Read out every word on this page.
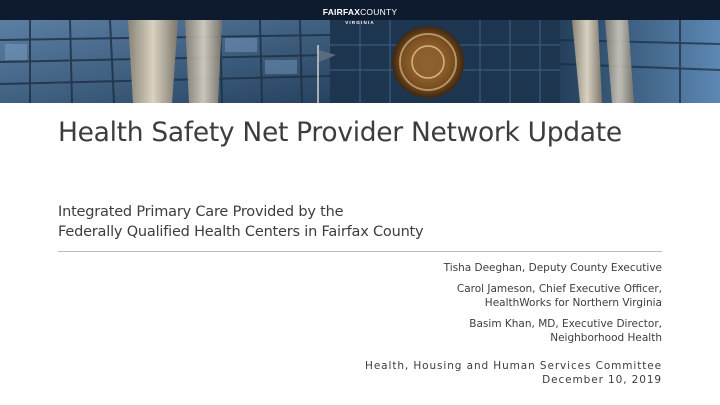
FAIRFAXCOUNTY
VIRGINIA
Health Safety Net Provider Network Update
Integrated Primary Care Provided by the
Federally Qualified Health Centers in Fairfax County
Tisha Deeghan, Deputy County Executive
Carol Jameson, Chief Executive Officer,
HealthWorks for Northern Virginia
Basim Khan, MD, Executive Director,
Neighborhood Health
Health, Housing and Human Services Committee
December 10, 2019
